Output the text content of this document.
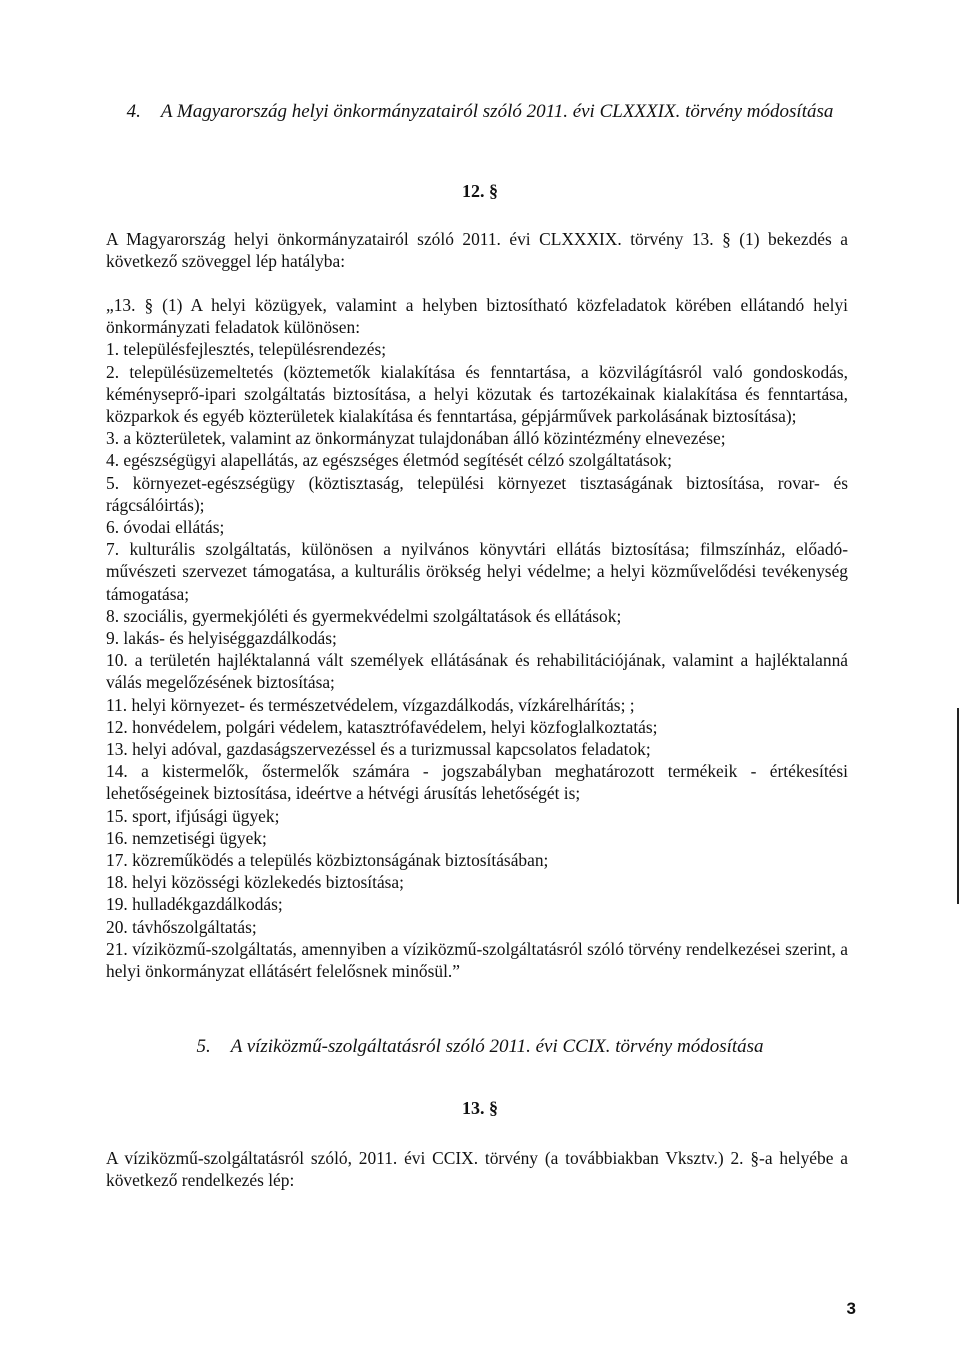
4. A Magyarország helyi önkormányzatairól szóló 2011. évi CLXXXIX. törvény módosítása

12. §

A Magyarország helyi önkormányzatairól szóló 2011. évi CLXXXIX. törvény 13. § (1) bekezdés a következő szöveggel lép hatályba:

„13. § (1) A helyi közügyek, valamint a helyben biztosítható közfeladatok körében ellátandó helyi önkormányzati feladatok különösen:
1. településfejlesztés, településrendezés;
2. településüzemeltetés (köztemetők kialakítása és fenntartása, a közvilágításról való gondoskodás, kéményseprő-ipari szolgáltatás biztosítása, a helyi közutak és tartozékainak kialakítása és fenntartása, közparkok és egyéb közterületek kialakítása és fenntartása, gépjárművek parkolásának biztosítása);
3. a közterületek, valamint az önkormányzat tulajdonában álló közintézmény elnevezése;
4. egészségügyi alapellátás, az egészséges életmód segítését célzó szolgáltatások;
5. környezet-egészségügy (köztisztaság, települési környezet tisztaságának biztosítása, rovar- és rágcsálóirtás);
6. óvodai ellátás;
7. kulturális szolgáltatás, különösen a nyilvános könyvtári ellátás biztosítása; filmszínház, előadó-művészeti szervezet támogatása, a kulturális örökség helyi védelme; a helyi közművelődési tevékenység támogatása;
8. szociális, gyermekjóléti és gyermekvédelmi szolgáltatások és ellátások;
9. lakás- és helyiséggazdálkodás;
10. a területén hajléktalanná vált személyek ellátásának és rehabilitációjának, valamint a hajléktalanná válás megelőzésének biztosítása;
11. helyi környezet- és természetvédelem, vízgazdálkodás, vízkárelhárítás; ;
12. honvédelem, polgári védelem, katasztrófavédelem, helyi közfoglalkoztatás;
13. helyi adóval, gazdaságszervezéssel és a turizmussal kapcsolatos feladatok;
14. a kistermelők, őstermelők számára - jogszabályban meghatározott termékeik - értékesítési lehetőségeinek biztosítása, ideértve a hétvégi árusítás lehetőségét is;
15. sport, ifjúsági ügyek;
16. nemzetiségi ügyek;
17. közreműködés a település közbiztonságának biztosításában;
18. helyi közösségi közlekedés biztosítása;
19. hulladékgazdálkodás;
20. távhőszolgáltatás;
21. víziközmű-szolgáltatás, amennyiben a víziközmű-szolgáltatásról szóló törvény rendelkezései szerint, a helyi önkormányzat ellátásért felelősnek minősül.”
5. A víziközmű-szolgáltatásról szóló 2011. évi CCIX. törvény módosítása

13. §

A víziközmű-szolgáltatásról szóló, 2011. évi CCIX. törvény (a továbbiakban Vksztv.) 2. §-a helyébe a következő rendelkezés lép:

3
